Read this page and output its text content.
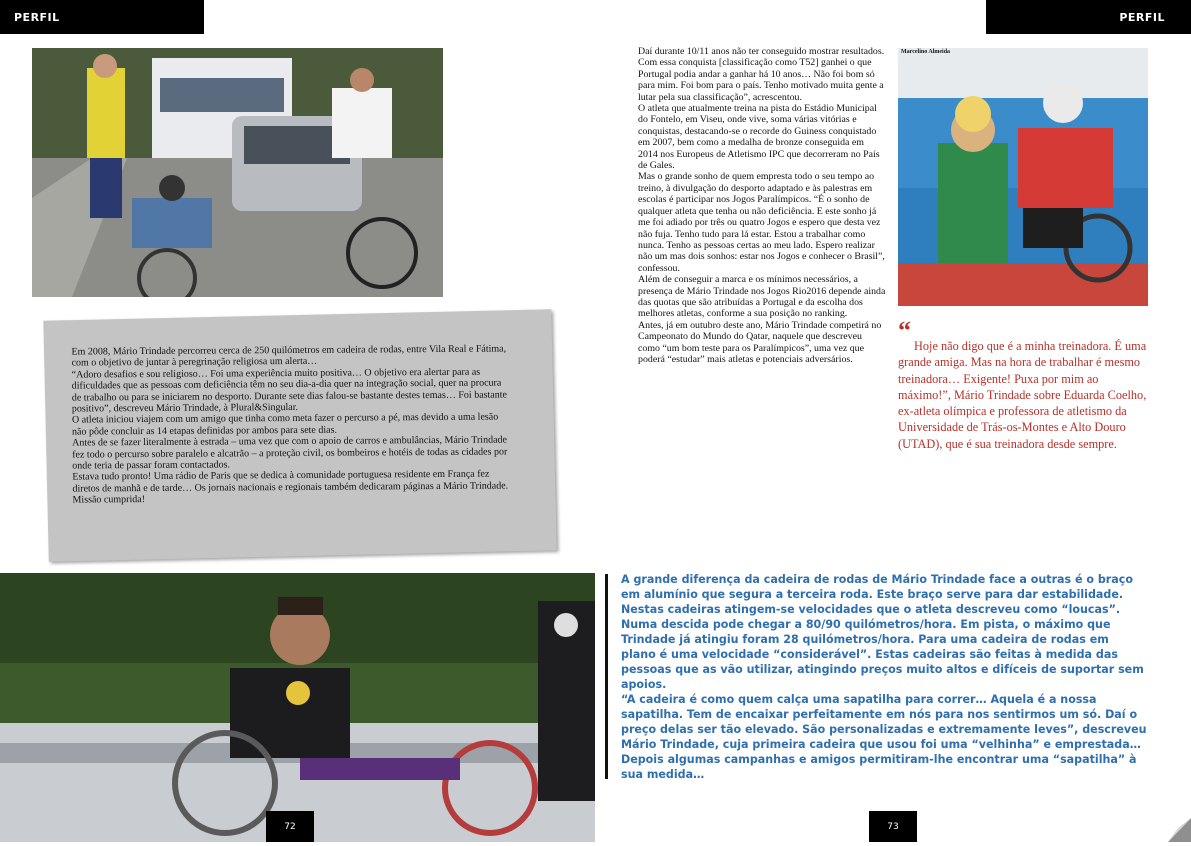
PERFIL	PERFIL

Em 2008, Mário Trindade percorreu cerca de 250 quilómetros em cadeira de rodas, entre Vila Real e Fátima, com o objetivo de juntar à peregrinação religiosa um alerta…

“Adoro desafios e sou religioso… Foi uma experiência muito positiva… O objetivo era alertar para as dificuldades que as pessoas com deficiência têm no seu dia-a-dia quer na integração social, quer na procura de trabalho ou para se iniciarem no desporto. Durante sete dias falou-se bastante destes temas… Foi bastante positivo”, descreveu Mário Trindade, à Plural&Singular.

O atleta iniciou viajem com um amigo que tinha como meta fazer o percurso a pé, mas devido a uma lesão não pôde concluir as 14 etapas definidas por ambos para sete dias.

Antes de se fazer literalmente à estrada – uma vez que com o apoio de carros e ambulâncias, Mário Trindade fez todo o percurso sobre paralelo e alcatrão – a proteção civil, os bombeiros e hotéis de todas as cidades por onde teria de passar foram contactados.

Estava tudo pronto! Uma rádio de Paris que se dedica à comunidade portuguesa residente em França fez diretos de manhã e de tarde… Os jornais nacionais e regionais também dedicaram páginas a Mário Trindade. Missão cumprida!

72

Daí durante 10/11 anos não ter conseguido mostrar resultados. Com essa conquista [classificação como T52] ganhei o que Portugal podia andar a ganhar há 10 anos… Não foi bom só para mim. Foi bom para o país. Tenho motivado muita gente a lutar pela sua classificação”, acrescentou.

O atleta que atualmente treina na pista do Estádio Municipal do Fontelo, em Viseu, onde vive, soma várias vitórias e conquistas, destacando-se o recorde do Guiness conquistado em 2007, bem como a medalha de bronze conseguida em 2014 nos Europeus de Atletismo IPC que decorreram no País de Gales.

Mas o grande sonho de quem empresta todo o seu tempo ao treino, à divulgação do desporto adaptado e às palestras em escolas é participar nos Jogos Paralímpicos. “É o sonho de qualquer atleta que tenha ou não deficiência. E este sonho já me foi adiado por três ou quatro Jogos e espero que desta vez não fuja. Tenho tudo para lá estar. Estou a trabalhar como nunca. Tenho as pessoas certas ao meu lado. Espero realizar não um mas dois sonhos: estar nos Jogos e conhecer o Brasil”, confessou.

Além de conseguir a marca e os mínimos necessários, a presença de Mário Trindade nos Jogos Rio2016 depende ainda das quotas que são atribuídas a Portugal e da escolha dos melhores atletas, conforme a sua posição no ranking.

Antes, já em outubro deste ano, Mário Trindade competirá no Campeonato do Mundo do Qatar, naquele que descreveu como “um bom teste para os Paralímpicos”, uma vez que poderá “estudar” mais atletas e potenciais adversários.

Marcelino Almeida
“

Hoje não digo que é a minha treinadora. É uma grande amiga. Mas na hora de trabalhar é mesmo treinadora… Exigente! Puxa por mim ao máximo!”, Mário Trindade sobre Eduarda Coelho, ex-atleta olímpica e professora de atletismo da Universidade de Trás-os-Montes e Alto Douro (UTAD), que é sua treinadora desde sempre.

A grande diferença da cadeira de rodas de Mário Trindade face a outras é o braço em alumínio que segura a terceira roda. Este braço serve para dar estabilidade. Nestas cadeiras atingem-se velocidades que o atleta descreveu como “loucas”. Numa descida pode chegar a 80/90 quilómetros/hora. Em pista, o máximo que Trindade já atingiu foram 28 quilómetros/hora. Para uma cadeira de rodas em plano é uma velocidade “considerável”. Estas cadeiras são feitas à medida das pessoas que as vão utilizar, atingindo preços muito altos e difíceis de suportar sem apoios.

“A cadeira é como quem calça uma sapatilha para correr… Aquela é a nossa sapatilha. Tem de encaixar perfeitamente em nós para nos sentirmos um só. Daí o preço delas ser tão elevado. São personalizadas e extremamente leves”, descreveu Mário Trindade, cuja primeira cadeira que usou foi uma “velhinha” e emprestada… Depois algumas campanhas e amigos permitiram-lhe encontrar uma “sapatilha” à sua medida…

73
